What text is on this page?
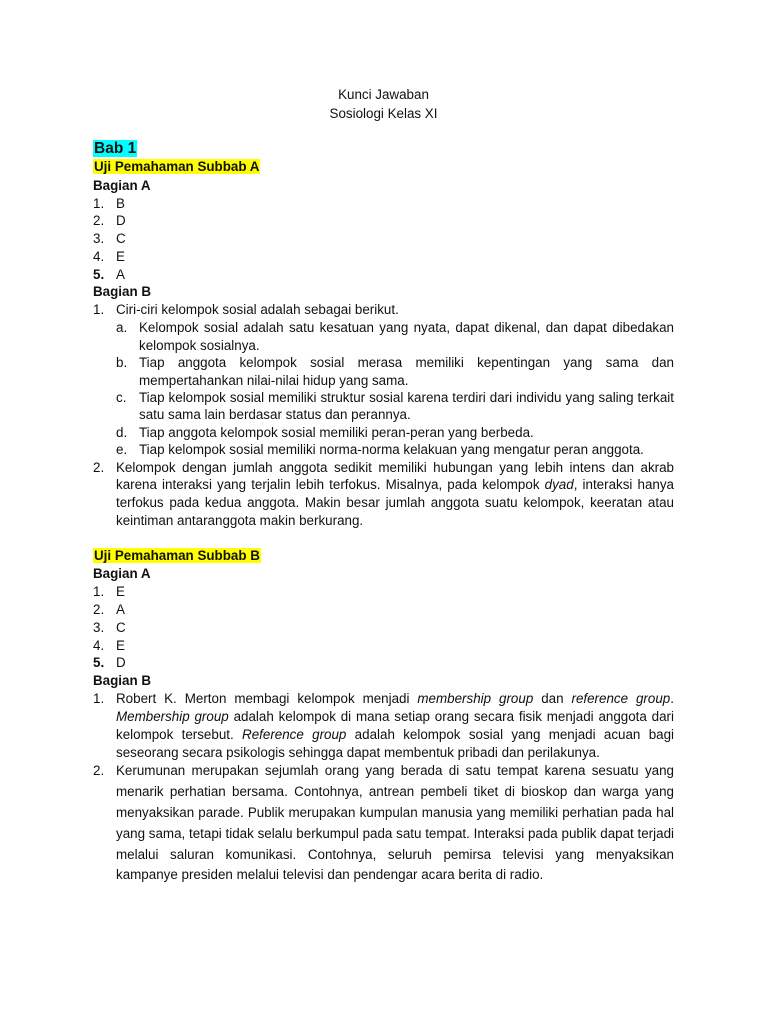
Kunci Jawaban
Sosiologi Kelas XI
Bab 1
Uji Pemahaman Subbab A
Bagian A
1. B
2. D
3. C
4. E
5. A
Bagian B
1. Ciri-ciri kelompok sosial adalah sebagai berikut.
a. Kelompok sosial adalah satu kesatuan yang nyata, dapat dikenal, dan dapat dibedakan kelompok sosialnya.
b. Tiap anggota kelompok sosial merasa memiliki kepentingan yang sama dan mempertahankan nilai-nilai hidup yang sama.
c. Tiap kelompok sosial memiliki struktur sosial karena terdiri dari individu yang saling terkait satu sama lain berdasar status dan perannya.
d. Tiap anggota kelompok sosial memiliki peran-peran yang berbeda.
e. Tiap kelompok sosial memiliki norma-norma kelakuan yang mengatur peran anggota.
2. Kelompok dengan jumlah anggota sedikit memiliki hubungan yang lebih intens dan akrab karena interaksi yang terjalin lebih terfokus. Misalnya, pada kelompok dyad, interaksi hanya terfokus pada kedua anggota. Makin besar jumlah anggota suatu kelompok, keeratan atau keintiman antaranggota makin berkurang.
Uji Pemahaman Subbab B
Bagian A
1. E
2. A
3. C
4. E
5. D
Bagian B
1. Robert K. Merton membagi kelompok menjadi membership group dan reference group. Membership group adalah kelompok di mana setiap orang secara fisik menjadi anggota dari kelompok tersebut. Reference group adalah kelompok sosial yang menjadi acuan bagi seseorang secara psikologis sehingga dapat membentuk pribadi dan perilakunya.
2. Kerumunan merupakan sejumlah orang yang berada di satu tempat karena sesuatu yang menarik perhatian bersama. Contohnya, antrean pembeli tiket di bioskop dan warga yang menyaksikan parade. Publik merupakan kumpulan manusia yang memiliki perhatian pada hal yang sama, tetapi tidak selalu berkumpul pada satu tempat. Interaksi pada publik dapat terjadi melalui saluran komunikasi. Contohnya, seluruh pemirsa televisi yang menyaksikan kampanye presiden melalui televisi dan pendengar acara berita di radio.
